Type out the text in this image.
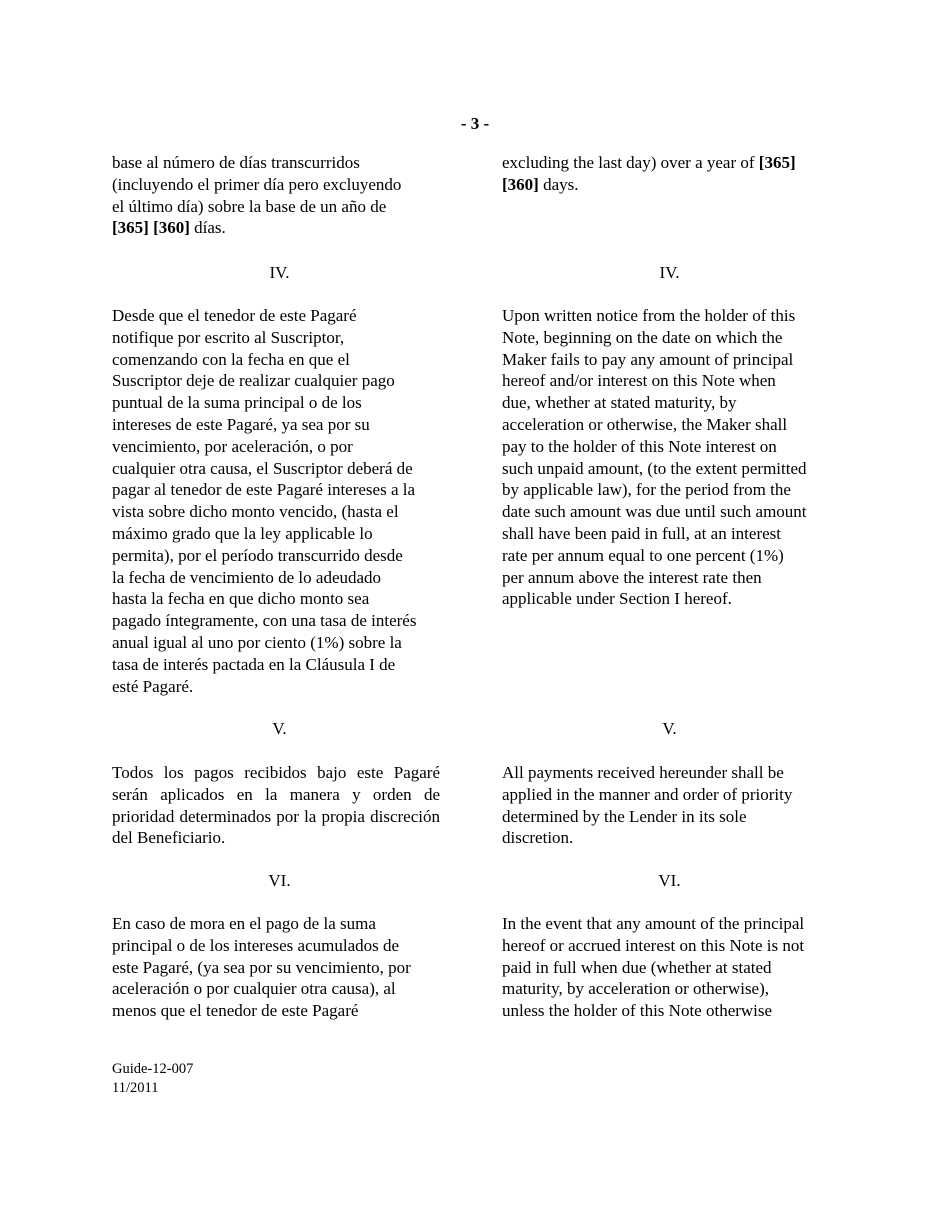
- 3 -
base al número de días transcurridos
(incluyendo el primer día pero excluyendo
el último día) sobre la base de un año de
[365] [360] días.
IV.
Desde que el tenedor de este Pagaré
notifique por escrito al Suscriptor,
comenzando con la fecha en que el
Suscriptor deje de realizar cualquier pago
puntual de la suma principal o de los
intereses de este Pagaré, ya sea por su
vencimiento, por aceleración, o por
cualquier otra causa, el Suscriptor deberá de
pagar al tenedor de este Pagaré intereses a la
vista sobre dicho monto vencido, (hasta el
máximo grado que la ley applicable lo
permita), por el período transcurrido desde
la fecha de vencimiento de lo adeudado
hasta la fecha en que dicho monto sea
pagado íntegramente, con una tasa de interés
anual igual al uno por ciento (1%) sobre la
tasa de interés pactada en la Cláusula I de
esté Pagaré.
V.
Todos los pagos recibidos bajo este Pagaré serán aplicados en la manera y orden de prioridad determinados por la propia discreción del Beneficiario.
VI.
En caso de mora en el pago de la suma
principal o de los intereses acumulados de
este Pagaré, (ya sea por su vencimiento, por
aceleración o por cualquier otra causa), al
menos que el tenedor de este Pagaré
excluding the last day) over a year of [365]
[360] days.
IV.
Upon written notice from the holder of this
Note, beginning on the date on which the
Maker fails to pay any amount of principal
hereof and/or interest on this Note when
due, whether at stated maturity, by
acceleration or otherwise, the Maker shall
pay to the holder of this Note interest on
such unpaid amount, (to the extent permitted
by applicable law), for the period from the
date such amount was due until such amount
shall have been paid in full, at an interest
rate per annum equal to one percent (1%)
per annum above the interest rate then
applicable under Section I hereof.
V.
All payments received hereunder shall be
applied in the manner and order of priority
determined by the Lender in its sole
discretion.
VI.
In the event that any amount of the principal
hereof or accrued interest on this Note is not
paid in full when due (whether at stated
maturity, by acceleration or otherwise),
unless the holder of this Note otherwise
Guide-12-007
11/2011
